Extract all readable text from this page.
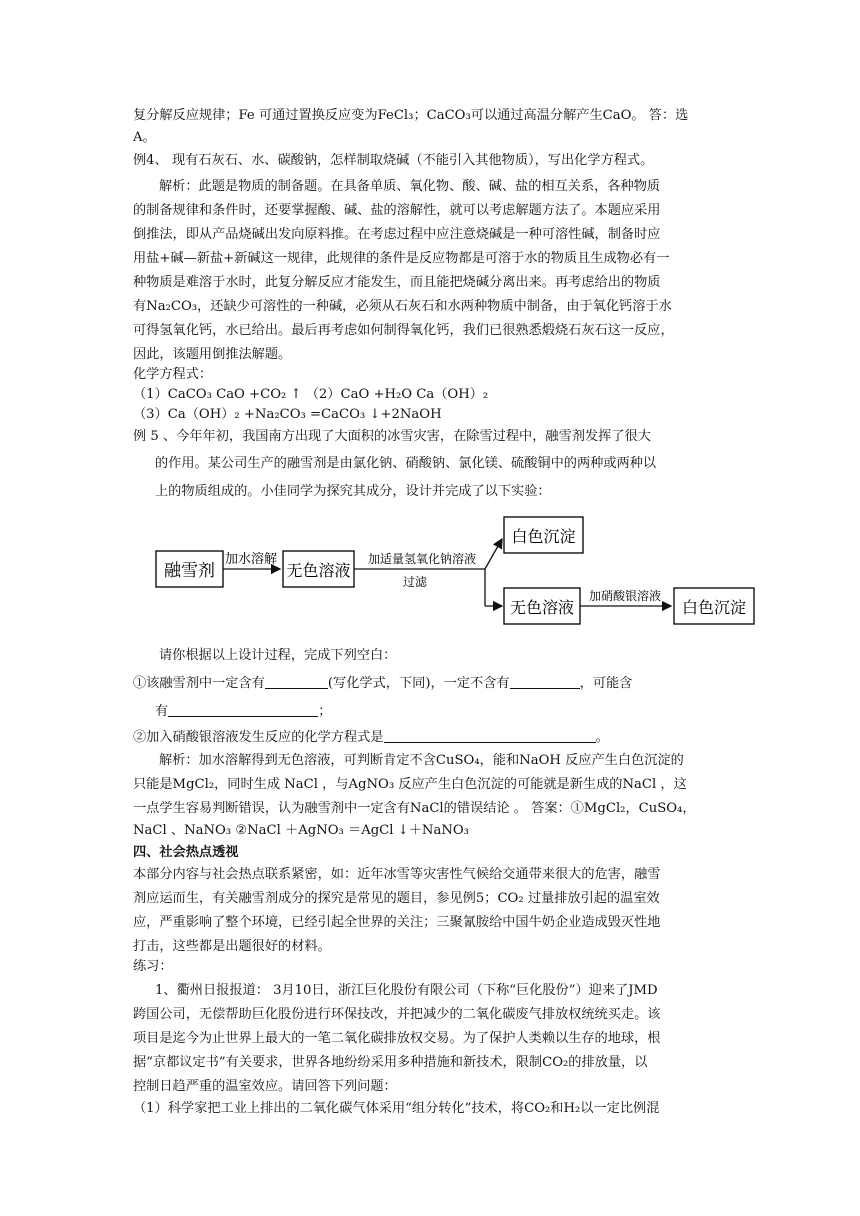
复分解反应规律；Fe 可通过置换反应变为FeCl₃；CaCO₃可以通过高温分解产生CaO。 答：选
A。
例4、 现有石灰石、水、碳酸钠，怎样制取烧碱（不能引入其他物质），写出化学方程式。
解析：此题是物质的制备题。在具备单质、氧化物、酸、碱、盐的相互关系，各种物质
的制备规律和条件时，还要掌握酸、碱、盐的溶解性，就可以考虑解题方法了。本题应采用
倒推法，即从产品烧碱出发向原料推。在考虑过程中应注意烧碱是一种可溶性碱，制备时应
用盐+碱—新盐+新碱这一规律，此规律的条件是反应物都是可溶于水的物质且生成物必有一
种物质是难溶于水时，此复分解反应才能发生，而且能把烧碱分离出来。再考虑给出的物质
有Na₂CO₃，还缺少可溶性的一种碱，必须从石灰石和水两种物质中制备，由于氧化钙溶于水
可得氢氧化钙，水已给出。最后再考虑如何制得氧化钙，我们已很熟悉煅烧石灰石这一反应，
因此，该题用倒推法解题。
化学方程式：
（1）CaCO₃ CaO +CO₂ ↑ （2）CaO +H₂O Ca（OH）₂
（3）Ca（OH）₂ +Na₂CO₃ =CaCO₃ ↓+2NaOH
例 5 、今年年初，我国南方出现了大面积的冰雪灾害，在除雪过程中，融雪剂发挥了很大
的作用。某公司生产的融雪剂是由氯化钠、硝酸钠、氯化镁、硫酸铜中的两种或两种以
上的物质组成的。小佳同学为探究其成分，设计并完成了以下实验：
融雪剂
加水溶解
无色溶液
加适量氢氧化钠溶液
过滤
白色沉淀
无色溶液
加硝酸银溶液
白色沉淀
请你根据以上设计过程，完成下列空白：
①该融雪剂中一定含有	(写化学式，下同)，一定不含有	，可能含
有	；
②加入硝酸银溶液发生反应的化学方程式是	。
解析：加水溶解得到无色溶液，可判断肯定不含CuSO₄，能和NaOH 反应产生白色沉淀的
只能是MgCl₂，同时生成 NaCl ，与AgNO₃ 反应产生白色沉淀的可能就是新生成的NaCl ，这
一点学生容易判断错误，认为融雪剂中一定含有NaCl的错误结论 。 答案：①MgCl₂，CuSO₄，
NaCl 、NaNO₃ ②NaCl ＋AgNO₃ ＝AgCl ↓＋NaNO₃
四、社会热点透视
本部分内容与社会热点联系紧密，如：近年冰雪等灾害性气候给交通带来很大的危害，融雪
剂应运而生，有关融雪剂成分的探究是常见的题目，参见例5；CO₂ 过量排放引起的温室效
应，严重影响了整个环境，已经引起全世界的关注；三聚氰胺给中国牛奶企业造成毁灭性地
打击，这些都是出题很好的材料。
练习：
1、衢州日报报道： 3月10日，浙江巨化股份有限公司（下称“巨化股份”）迎来了JMD
跨国公司，无偿帮助巨化股份进行环保技改，并把减少的二氧化碳废气排放权统统买走。该
项目是迄今为止世界上最大的一笔二氧化碳排放权交易。为了保护人类赖以生存的地球，根
据“京都议定书”有关要求，世界各地纷纷采用多种措施和新技术，限制CO₂的排放量，以
控制日趋严重的温室效应。请回答下列问题：
（1）科学家把工业上排出的二氧化碳气体采用“组分转化”技术，将CO₂和H₂以一定比例混
